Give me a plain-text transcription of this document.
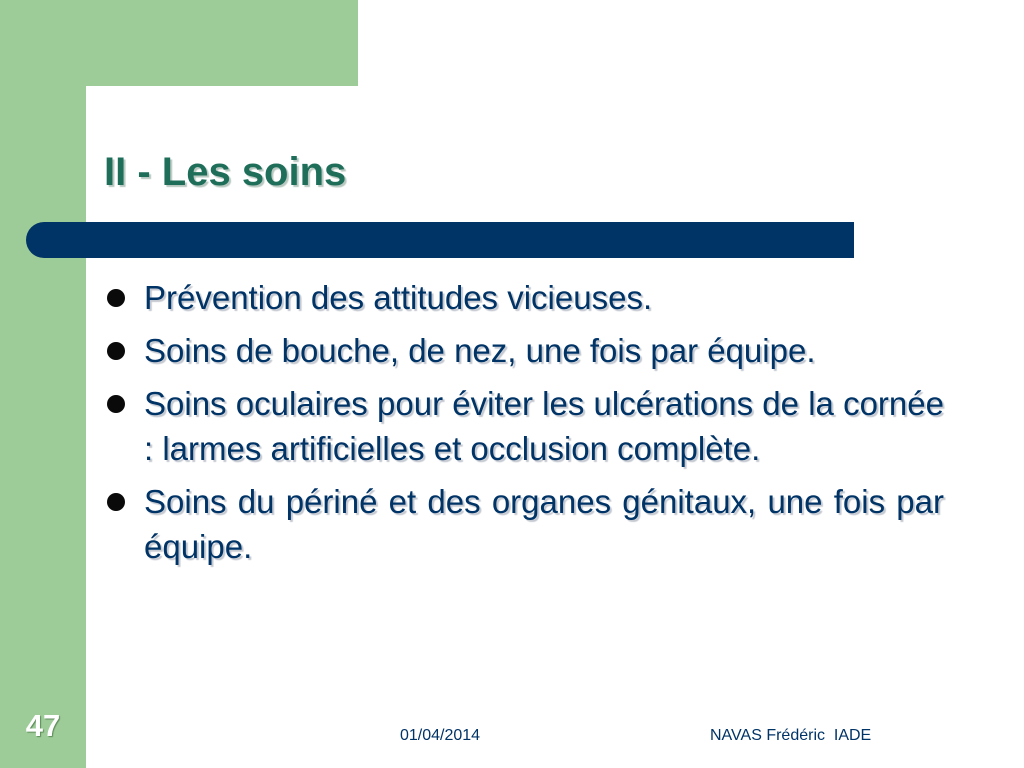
II - Les soins
Prévention des attitudes vicieuses.
Soins de bouche, de nez, une fois par équipe.
Soins oculaires pour éviter les ulcérations de la cornée : larmes artificielles et occlusion complète.
Soins du périné et des organes génitaux, une fois par équipe.
47	01/04/2014	NAVAS Frédéric  IADE
